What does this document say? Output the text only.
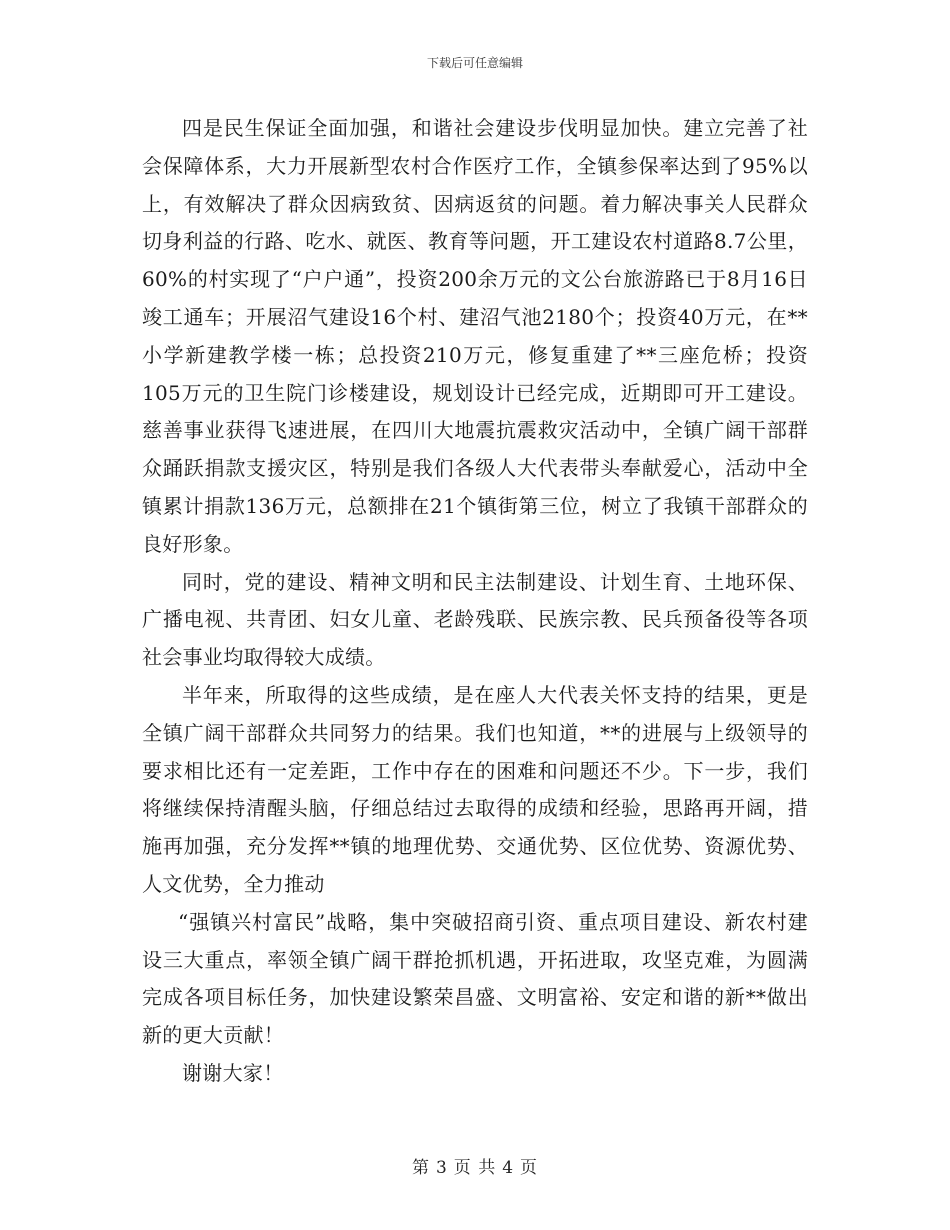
下载后可任意编辑

四是民生保证全面加强，和谐社会建设步伐明显加快。建立完善了社会保障体系，大力开展新型农村合作医疗工作，全镇参保率达到了95%以上，有效解决了群众因病致贫、因病返贫的问题。着力解决事关人民群众切身利益的行路、吃水、就医、教育等问题，开工建设农村道路8.7公里，60%的村实现了“户户通”，投资200余万元的文公台旅游路已于8月16日竣工通车；开展沼气建设16个村、建沼气池2180个；投资40万元，在**小学新建教学楼一栋；总投资210万元，修复重建了**三座危桥；投资105万元的卫生院门诊楼建设，规划设计已经完成，近期即可开工建设。慈善事业获得飞速进展，在四川大地震抗震救灾活动中，全镇广阔干部群众踊跃捐款支援灾区，特别是我们各级人大代表带头奉献爱心，活动中全镇累计捐款136万元，总额排在21个镇街第三位，树立了我镇干部群众的良好形象。

同时，党的建设、精神文明和民主法制建设、计划生育、土地环保、广播电视、共青团、妇女儿童、老龄残联、民族宗教、民兵预备役等各项社会事业均取得较大成绩。

半年来，所取得的这些成绩，是在座人大代表关怀支持的结果，更是全镇广阔干部群众共同努力的结果。我们也知道，**的进展与上级领导的要求相比还有一定差距，工作中存在的困难和问题还不少。下一步，我们将继续保持清醒头脑，仔细总结过去取得的成绩和经验，思路再开阔，措施再加强，充分发挥**镇的地理优势、交通优势、区位优势、资源优势、人文优势，全力推动

“强镇兴村富民”战略，集中突破招商引资、重点项目建设、新农村建设三大重点，率领全镇广阔干群抢抓机遇，开拓进取，攻坚克难，为圆满完成各项目标任务，加快建设繁荣昌盛、文明富裕、安定和谐的新**做出新的更大贡献！

谢谢大家！

第 3 页 共 4 页
